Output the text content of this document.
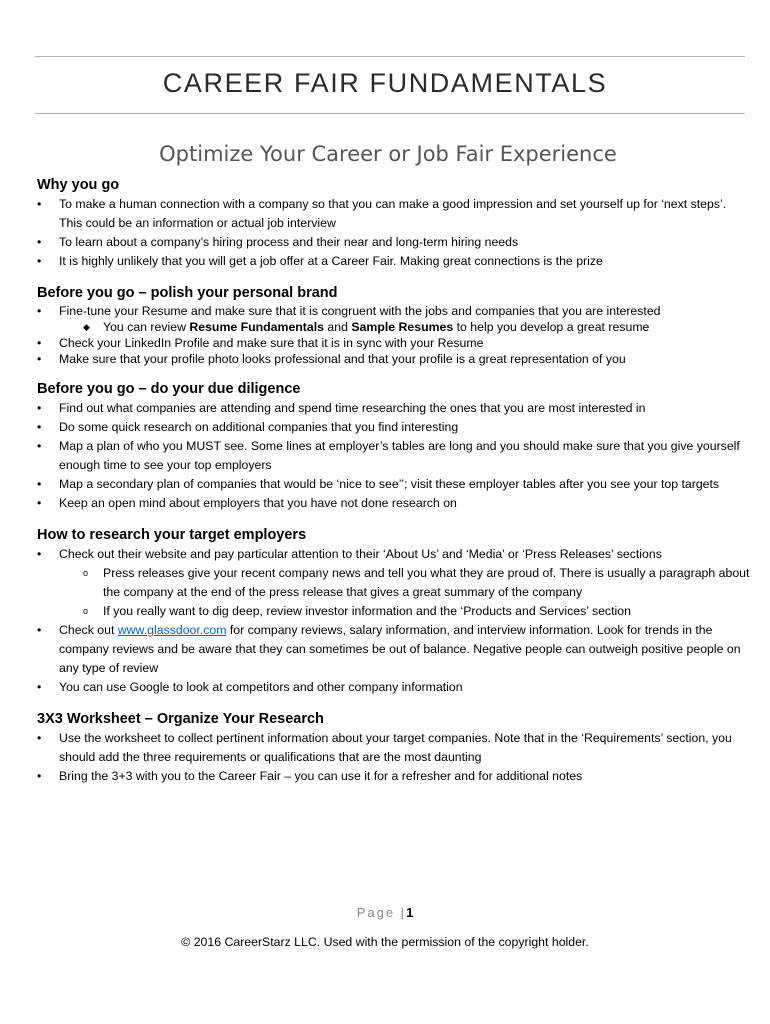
CAREER FAIR FUNDAMENTALS
Optimize Your Career or Job Fair Experience
Why you go
•	To make a human connection with a company so that you can make a good impression and set yourself up for ‘next steps’. This could be an information or actual job interview
•	To learn about a company’s hiring process and their near and long-term hiring needs
•	It is highly unlikely that you will get a job offer at a Career Fair. Making great connections is the prize
Before you go – polish your personal brand
•	Fine-tune your Resume and make sure that it is congruent with the jobs and companies that you are interested
◆	You can review Resume Fundamentals and Sample Resumes to help you develop a great resume
•	Check your LinkedIn Profile and make sure that it is in sync with your Resume
•	Make sure that your profile photo looks professional and that your profile is a great representation of you
Before you go – do your due diligence
•	Find out what companies are attending and spend time researching the ones that you are most interested in
•	Do some quick research on additional companies that you find interesting
•	Map a plan of who you MUST see. Some lines at employer’s tables are long and you should make sure that you give yourself enough time to see your top employers
•	Map a secondary plan of companies that would be ‘nice to see’’; visit these employer tables after you see your top targets
•	Keep an open mind about employers that you have not done research on
How to research your target employers
•	Check out their website and pay particular attention to their ‘About Us’ and ‘Media’ or ‘Press Releases’ sections
o	Press releases give your recent company news and tell you what they are proud of. There is usually a paragraph about the company at the end of the press release that gives a great summary of the company
o	If you really want to dig deep, review investor information and the ‘Products and Services’ section
•	Check out www.glassdoor.com for company reviews, salary information, and interview information. Look for trends in the company reviews and be aware that they can sometimes be out of balance. Negative people can outweigh positive people on any type of review
•	You can use Google to look at competitors and other company information
3X3 Worksheet – Organize Your Research
•	Use the worksheet to collect pertinent information about your target companies. Note that in the ‘Requirements’ section, you should add the three requirements or qualifications that are the most daunting
•	Bring the 3+3 with you to the Career Fair – you can use it for a refresher and for additional notes
Page |1
© 2016 CareerStarz LLC. Used with the permission of the copyright holder.
